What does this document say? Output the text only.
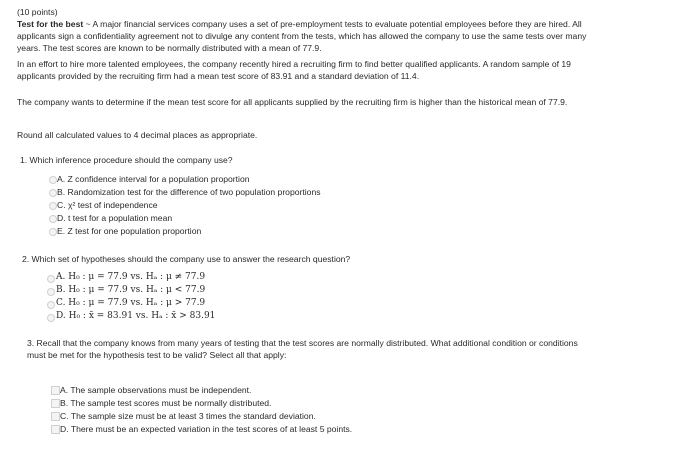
(10 points)
Test for the best ~ A major financial services company uses a set of pre-employment tests to evaluate potential employees before they are hired. All
applicants sign a confidentiality agreement not to divulge any content from the tests, which has allowed the company to use the same tests over many
years. The test scores are known to be normally distributed with a mean of 77.9.
In an effort to hire more talented employees, the company recently hired a recruiting firm to find better qualified applicants. A random sample of 19
applicants provided by the recruiting firm had a mean test score of 83.91 and a standard deviation of 11.4.
The company wants to determine if the mean test score for all applicants supplied by the recruiting firm is higher than the historical mean of 77.9.
Round all calculated values to 4 decimal places as appropriate.
1. Which inference procedure should the company use?
A. Z confidence interval for a population proportion
B. Randomization test for the difference of two population proportions
C. χ² test of independence
D. t test for a population mean
E. Z test for one population proportion
2. Which set of hypotheses should the company use to answer the research question?
A. H₀ : μ = 77.9 vs. Hₐ : μ ≠ 77.9
B. H₀ : μ = 77.9 vs. Hₐ : μ < 77.9
C. H₀ : μ = 77.9 vs. Hₐ : μ > 77.9
D. H₀ : x̄ = 83.91 vs. Hₐ : x̄ > 83.91
3. Recall that the company knows from many years of testing that the test scores are normally distributed. What additional condition or conditions
must be met for the hypothesis test to be valid? Select all that apply:
A. The sample observations must be independent.
B. The sample test scores must be normally distributed.
C. The sample size must be at least 3 times the standard deviation.
D. There must be an expected variation in the test scores of at least 5 points.
